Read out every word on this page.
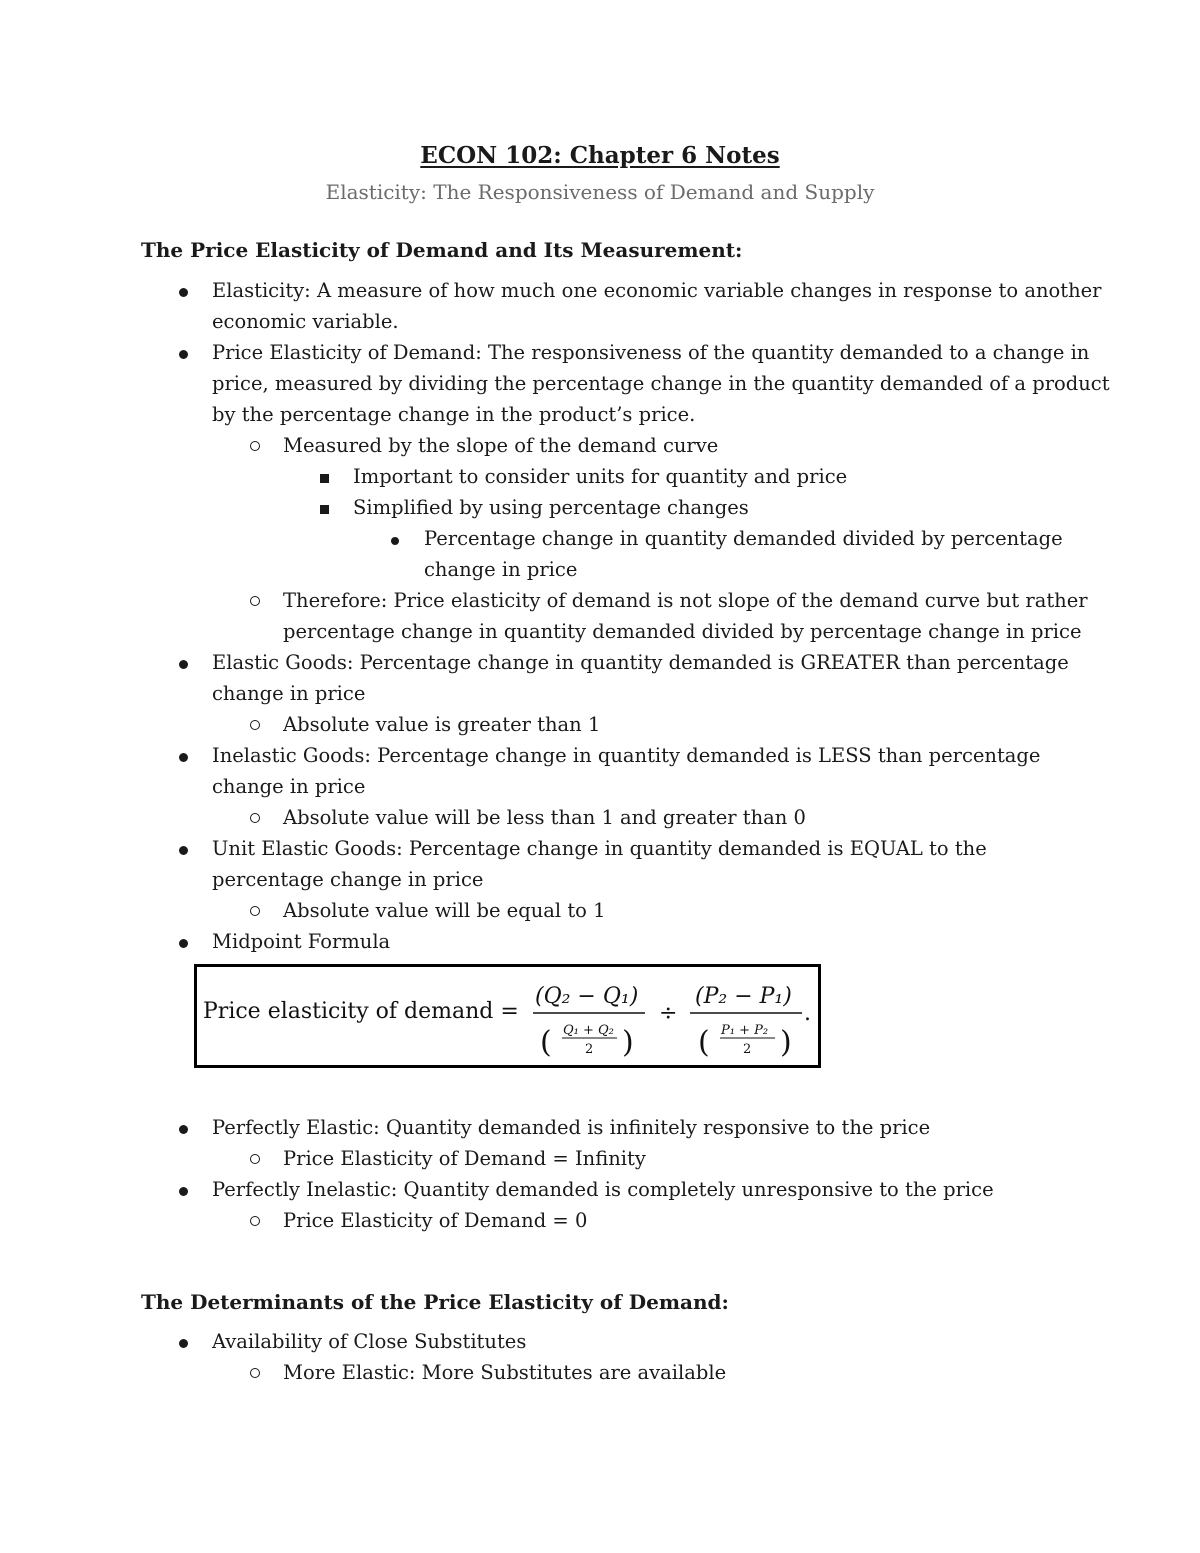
ECON 102: Chapter 6 Notes
Elasticity: The Responsiveness of Demand and Supply
The Price Elasticity of Demand and Its Measurement:
Elasticity: A measure of how much one economic variable changes in response to another
economic variable.
Price Elasticity of Demand: The responsiveness of the quantity demanded to a change in
price, measured by dividing the percentage change in the quantity demanded of a product
by the percentage change in the product’s price.
Measured by the slope of the demand curve
Important to consider units for quantity and price
Simplified by using percentage changes
Percentage change in quantity demanded divided by percentage
change in price
Therefore: Price elasticity of demand is not slope of the demand curve but rather
percentage change in quantity demanded divided by percentage change in price
Elastic Goods: Percentage change in quantity demanded is GREATER than percentage
change in price
Absolute value is greater than 1
Inelastic Goods: Percentage change in quantity demanded is LESS than percentage
change in price
Absolute value will be less than 1 and greater than 0
Unit Elastic Goods: Percentage change in quantity demanded is EQUAL to the
percentage change in price
Absolute value will be equal to 1
Midpoint Formula
Price elasticity of demand =
(Q₂ − Q₁)
( Q₁ + Q₂
2 )
÷
(P₂ − P₁)
( P₁ + P₂
2 )
.
Perfectly Elastic: Quantity demanded is infinitely responsive to the price
Price Elasticity of Demand = Infinity
Perfectly Inelastic: Quantity demanded is completely unresponsive to the price
Price Elasticity of Demand = 0
The Determinants of the Price Elasticity of Demand:
Availability of Close Substitutes
More Elastic: More Substitutes are available
